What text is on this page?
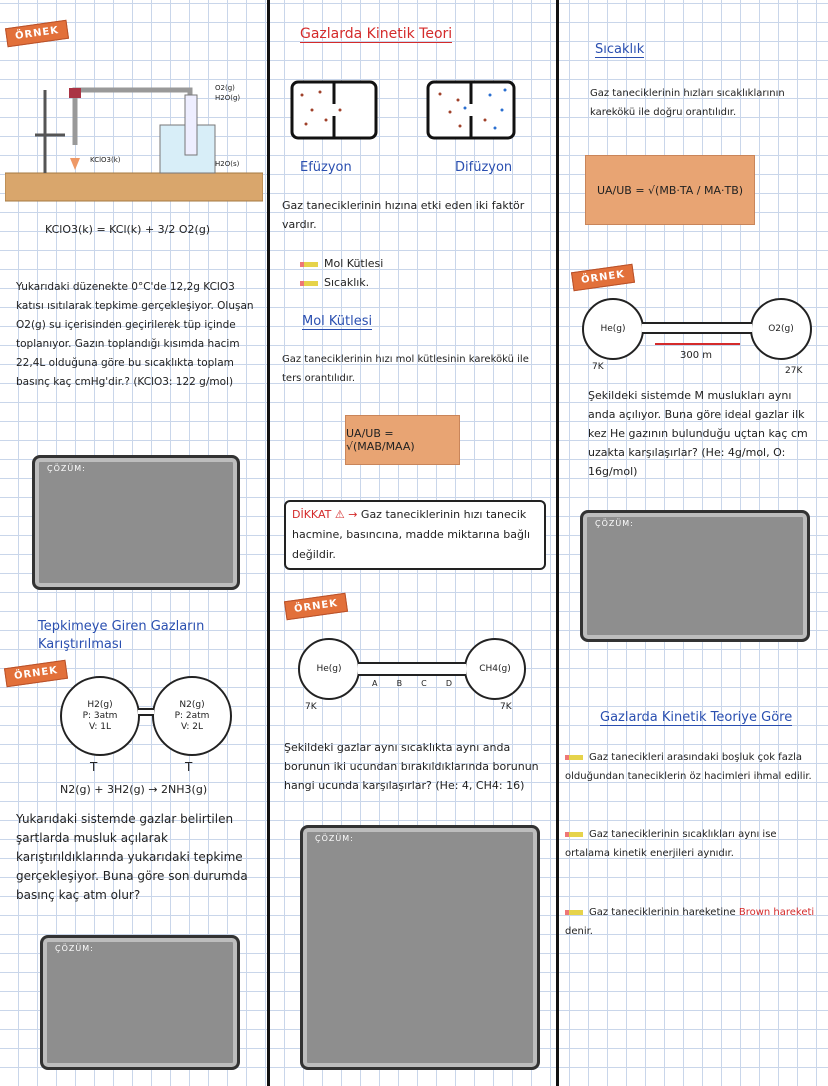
ÖRNEK
O2(g)
H2O(g)
KClO3(k)	H2O(s)
KClO3(k) = KCl(k) + 3/2 O2(g)
Yukarıdaki düzenekte 0°C'de 12,2g KClO3 katısı ısıtılarak tepkime gerçekleşiyor. Oluşan O2(g) su içerisinden geçirilerek tüp içinde toplanıyor. Gazın toplandığı kısımda hacim 22,4L olduğuna göre bu sıcaklıkta toplam basınç kaç cmHg'dir.? (KClO3: 122 g/mol)
ÇÖZÜM:
Tepkimeye Giren Gazların Karıştırılması
ÖRNEK
H2(g)
P: 3atm
V: 1L
N2(g)
P: 2atm
V: 2L
T	T
N2(g) + 3H2(g) → 2NH3(g)
Yukarıdaki sistemde gazlar belirtilen şartlarda musluk açılarak karıştırıldıklarında yukarıdaki tepkime gerçekleşiyor. Buna göre son durumda basınç kaç atm olur?
ÇÖZÜM:
Gazlarda Kinetik Teori
Efüzyon	Difüzyon
Gaz taneciklerinin hızına etki eden iki faktör vardır.
Mol Kütlesi
Sıcaklık.
Mol Kütlesi
Gaz taneciklerinin hızı mol kütlesinin karekökü ile ters orantılıdır.
UA/UB = √(MAB/MAA)
DİKKAT ⚠ → Gaz taneciklerinin hızı tanecik hacmine, basıncına, madde miktarına bağlı değildir.
ÖRNEK
He(g)	CH4(g)
A B C D
7K	7K
Şekildeki gazlar aynı sıcaklıkta aynı anda borunun iki ucundan bırakıldıklarında borunun hangi ucunda karşılaşırlar? (He: 4, CH4: 16)
ÇÖZÜM:
Sıcaklık
Gaz taneciklerinin hızları sıcaklıklarının karekökü ile doğru orantılıdır.
UA/UB = √(MB·TA / MA·TB)
ÖRNEK
He(g)	O2(g)
300 m
7K	27K
Şekildeki sistemde M muslukları aynı anda açılıyor. Buna göre ideal gazlar ilk kez He gazının bulunduğu uçtan kaç cm uzakta karşılaşırlar? (He: 4g/mol, O: 16g/mol)
ÇÖZÜM:
Gazlarda Kinetik Teoriye Göre
Gaz tanecikleri arasındaki boşluk çok fazla olduğundan taneciklerin öz hacimleri ihmal edilir.
Gaz taneciklerinin sıcaklıkları aynı ise ortalama kinetik enerjileri aynıdır.
Gaz taneciklerinin hareketine Brown hareketi denir.
